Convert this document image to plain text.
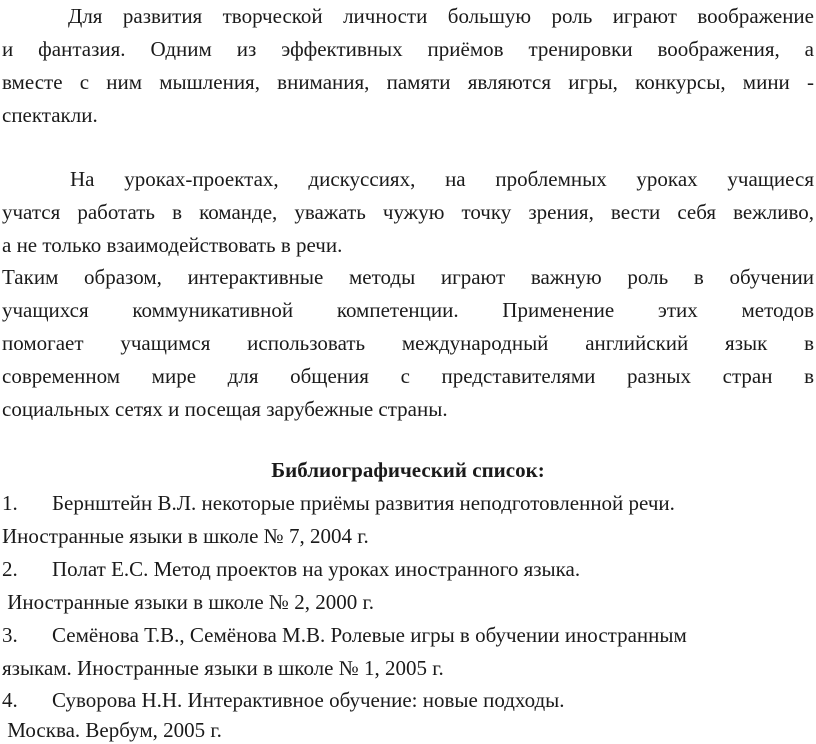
Для развития творческой личности большую роль играют воображение
и фантазия. Одним из эффективных приёмов тренировки воображения, а
вместе с ним мышления, внимания, памяти являются игры, конкурсы, мини -
спектакли.
На уроках-проектах, дискуссиях, на проблемных уроках учащиеся
учатся работать в команде, уважать чужую точку зрения, вести себя вежливо,
а не только взаимодействовать в речи.
Таким образом, интерактивные методы играют важную роль в обучении
учащихся коммуникативной компетенции. Применение этих методов
помогает учащимся использовать международный английский язык в
современном мире для общения с представителями разных стран в
социальных сетях и посещая зарубежные страны.
Библиографический список:
1. Бернштейн В.Л. некоторые приёмы развития неподготовленной речи.
Иностранные языки в школе № 7, 2004 г.
2. Полат Е.С. Метод проектов на уроках иностранного языка.
Иностранные языки в школе № 2, 2000 г.
3. Семёнова Т.В., Семёнова М.В. Ролевые игры в обучении иностранным
языкам. Иностранные языки в школе № 1, 2005 г.
4. Суворова Н.Н. Интерактивное обучение: новые подходы.
Москва. Вербум, 2005 г.
